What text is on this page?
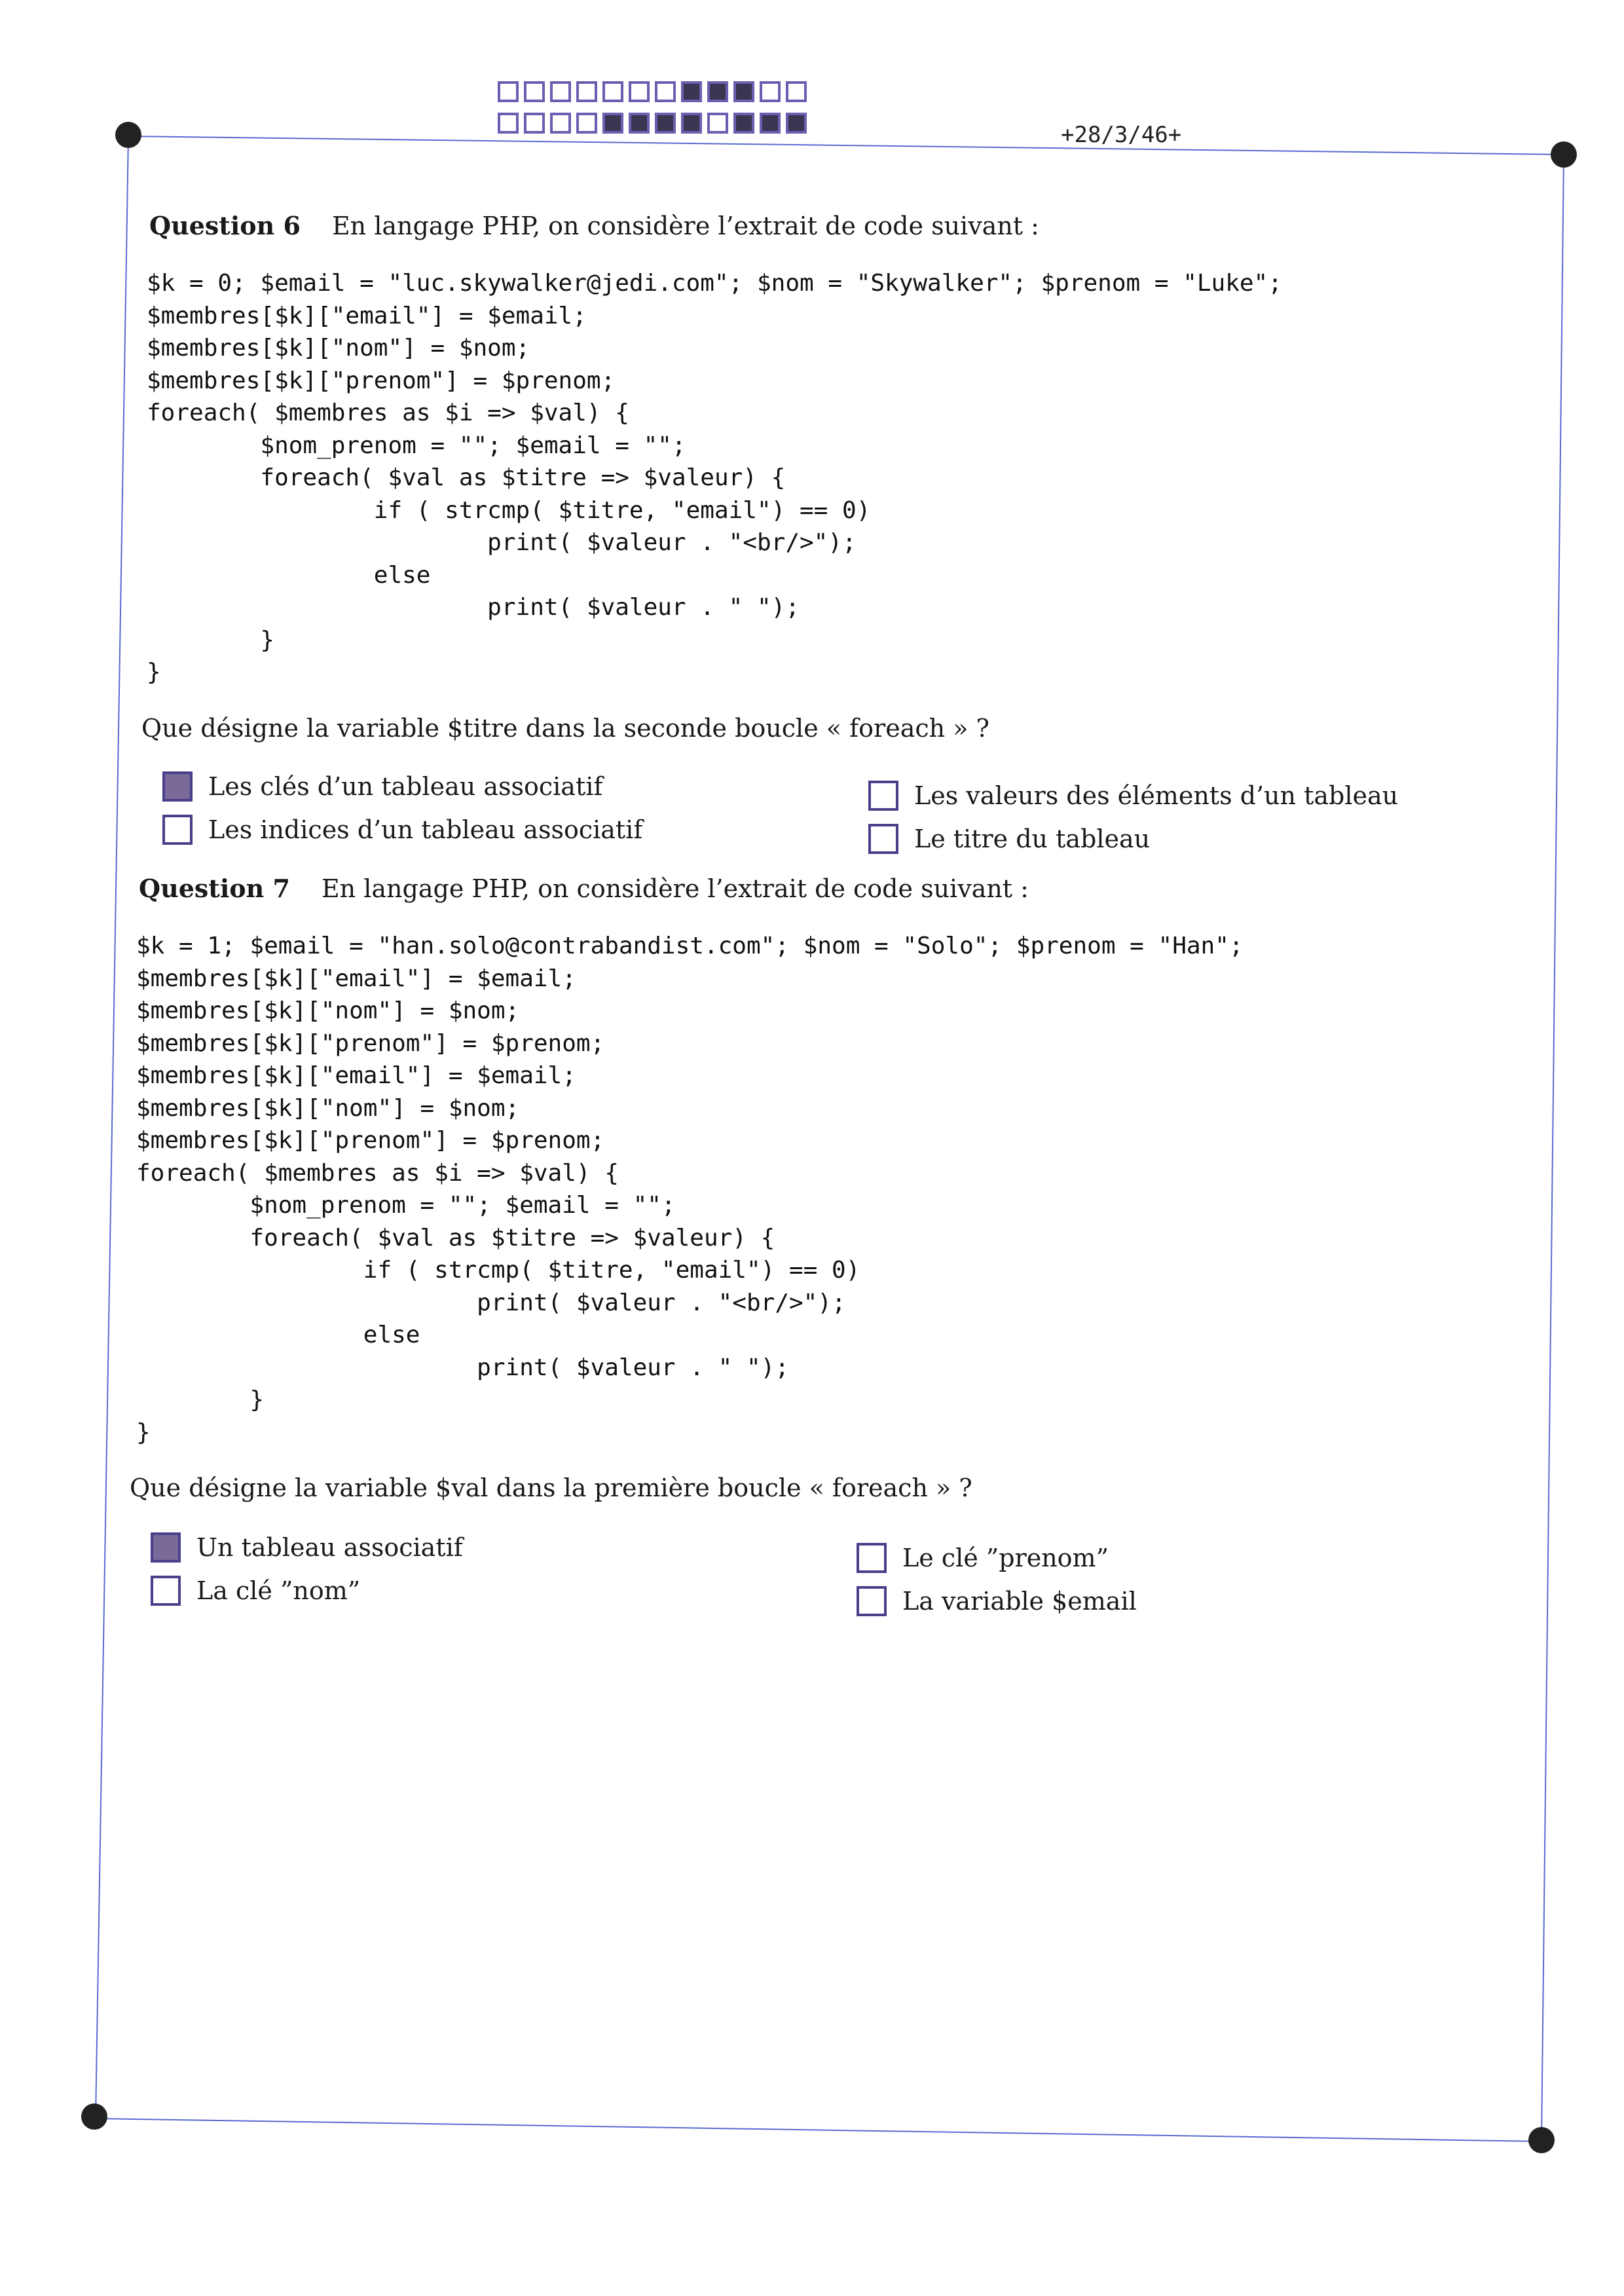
+28/3/46+
Question 6 En langage PHP, on considère l’extrait de code suivant :
$k = 0; $email = "luc.skywalker@jedi.com"; $nom = "Skywalker"; $prenom = "Luke";
$membres[$k]["email"] = $email;
$membres[$k]["nom"] = $nom;
$membres[$k]["prenom"] = $prenom;
foreach( $membres as $i => $val) {
$nom_prenom = ""; $email = "";
foreach( $val as $titre => $valeur) {
if ( strcmp( $titre, "email") == 0)
print( $valeur . "<br/>");
else
print( $valeur . " ");
}
}
Que désigne la variable $titre dans la seconde boucle « foreach » ?
Les clés d’un tableau associatif
Les indices d’un tableau associatif
Les valeurs des éléments d’un tableau
Le titre du tableau
Question 7 En langage PHP, on considère l’extrait de code suivant :
$k = 1; $email = "han.solo@contrabandist.com"; $nom = "Solo"; $prenom = "Han";
$membres[$k]["email"] = $email;
$membres[$k]["nom"] = $nom;
$membres[$k]["prenom"] = $prenom;
$membres[$k]["email"] = $email;
$membres[$k]["nom"] = $nom;
$membres[$k]["prenom"] = $prenom;
foreach( $membres as $i => $val) {
$nom_prenom = ""; $email = "";
foreach( $val as $titre => $valeur) {
if ( strcmp( $titre, "email") == 0)
print( $valeur . "<br/>");
else
print( $valeur . " ");
}
}
Que désigne la variable $val dans la première boucle « foreach » ?
Un tableau associatif
La clé ”nom”
Le clé ”prenom”
La variable $email
